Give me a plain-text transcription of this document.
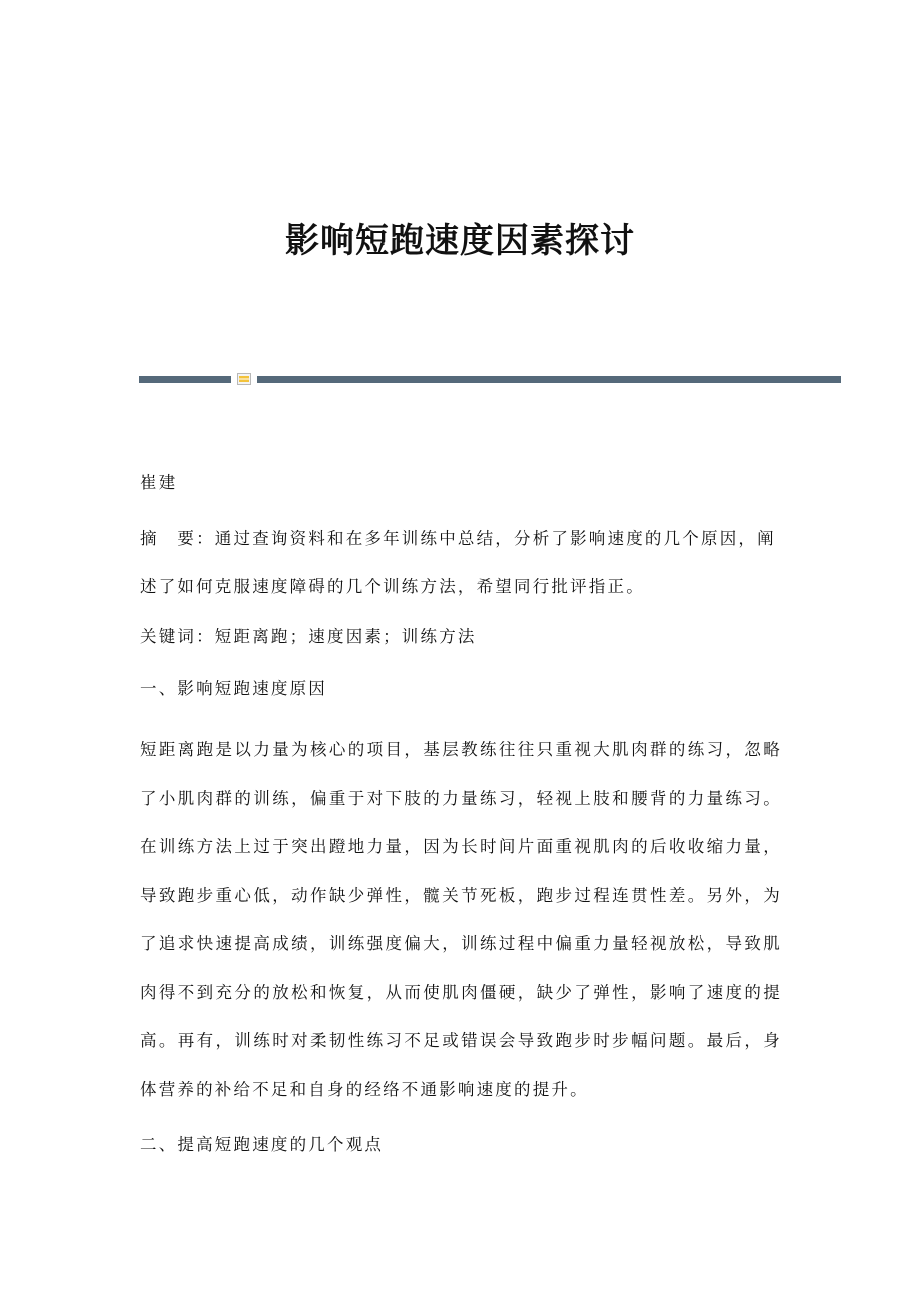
影响短跑速度因素探讨

崔建

摘　要：通过查询资料和在多年训练中总结，分析了影响速度的几个原因，阐述了如何克服速度障碍的几个训练方法，希望同行批评指正。

关键词：短距离跑；速度因素；训练方法

一、影响短跑速度原因

短距离跑是以力量为核心的项目，基层教练往往只重视大肌肉群的练习，忽略了小肌肉群的训练，偏重于对下肢的力量练习，轻视上肢和腰背的力量练习。在训练方法上过于突出蹬地力量，因为长时间片面重视肌肉的后收收缩力量，导致跑步重心低，动作缺少弹性，髋关节死板，跑步过程连贯性差。另外，为了追求快速提高成绩，训练强度偏大，训练过程中偏重力量轻视放松，导致肌肉得不到充分的放松和恢复，从而使肌肉僵硬，缺少了弹性，影响了速度的提高。再有，训练时对柔韧性练习不足或错误会导致跑步时步幅问题。最后，身体营养的补给不足和自身的经络不通影响速度的提升。

二、提高短跑速度的几个观点
